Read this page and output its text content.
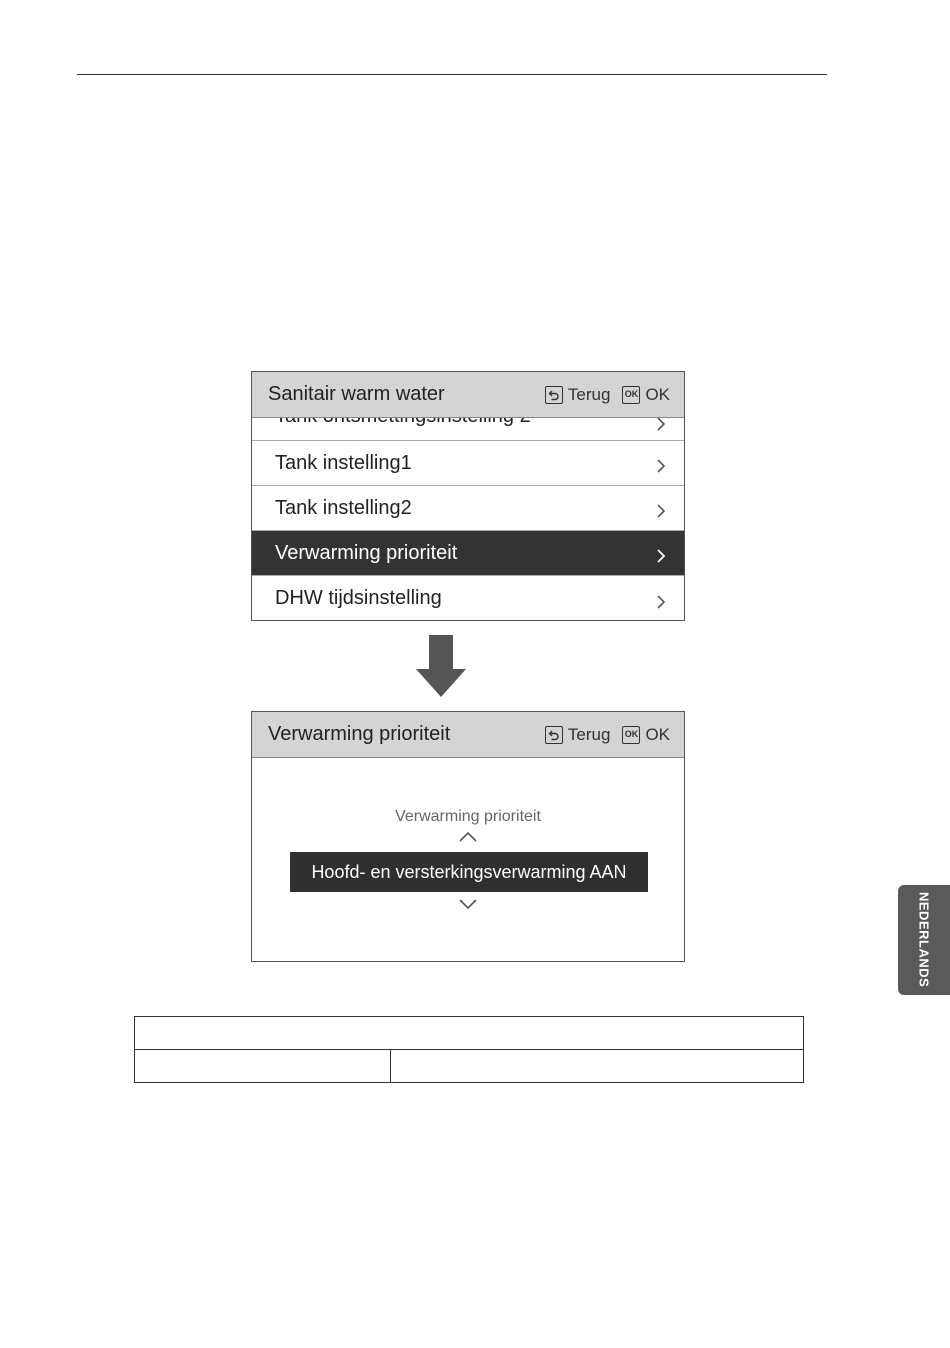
Sanitair warm water	Terug OK OK
Tank instelling1
Tank instelling2
Verwarming prioriteit
DHW tijdsinstelling
Verwarming prioriteit	Terug OK OK
Verwarming prioriteit
Hoofd- en versterkingsverwarming AAN

NEDERLANDS
